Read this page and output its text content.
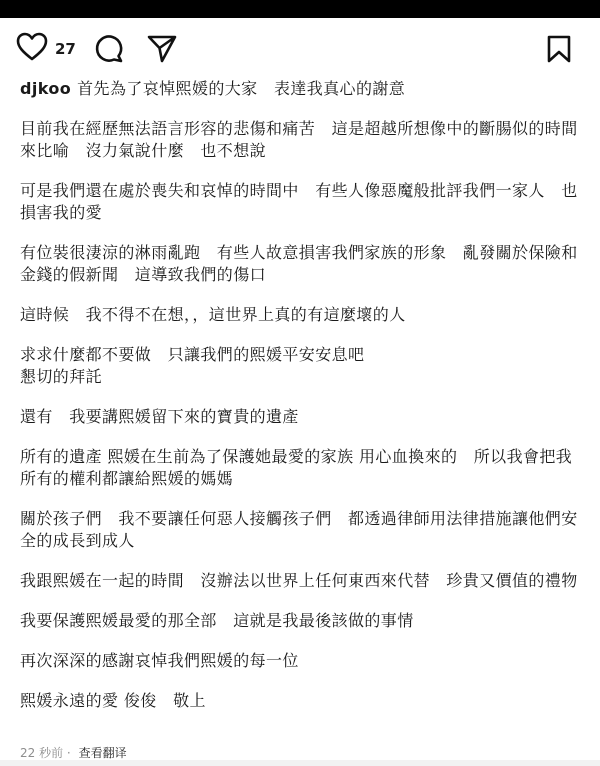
27

djkoo 首先為了哀悼熙媛的大家　表達我真心的謝意

目前我在經歷無法語言形容的悲傷和痛苦　這是超越所想像中的斷腸似的時間來比喻　沒力氣說什麼　也不想說

可是我們還在處於喪失和哀悼的時間中　有些人像惡魔般批評我們一家人　也損害我的愛

有位裝很淒涼的淋雨亂跑　有些人故意損害我們家族的形象　亂發關於保險和金錢的假新聞　這導致我們的傷口

這時候　我不得不在想，，這世界上真的有這麼壞的人

求求什麼都不要做　只讓我們的熙媛平安安息吧
懇切的拜託

還有　我要講熙媛留下來的寶貴的遺產

所有的遺產 熙媛在生前為了保護她最愛的家族 用心血換來的　所以我會把我所有的權利都讓給熙媛的媽媽

關於孩子們　我不要讓任何惡人接觸孩子們　都透過律師用法律措施讓他們安全的成長到成人

我跟熙媛在一起的時間　沒辦法以世界上任何東西來代替　珍貴又價值的禮物

我要保護熙媛最愛的那全部　這就是我最後該做的事情

再次深深的感謝哀悼我們熙媛的每一位

熙媛永遠的愛 俊俊　敬上

22 秒前 · 查看翻译
